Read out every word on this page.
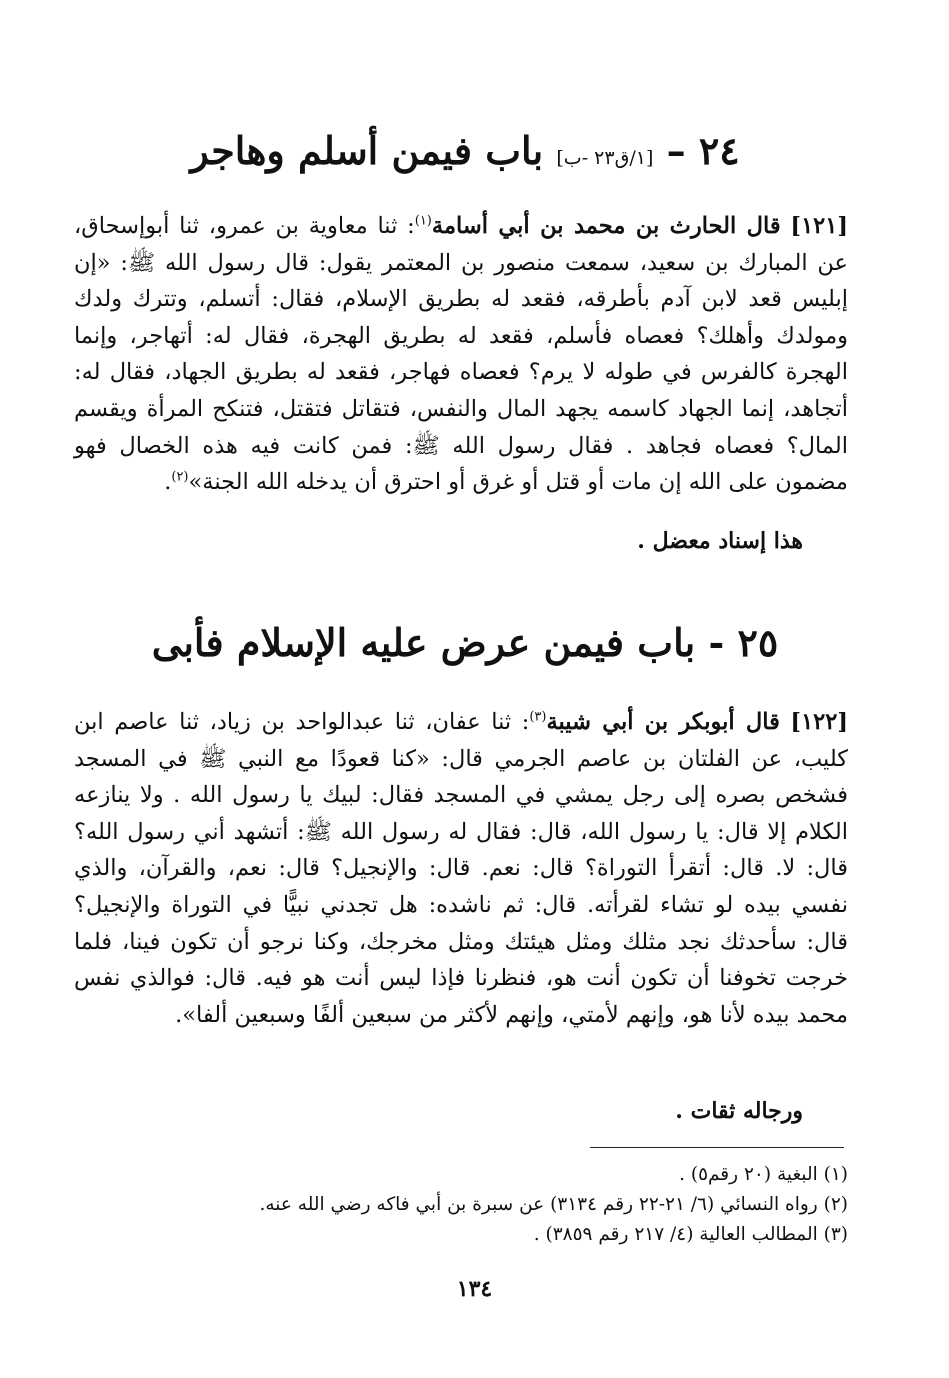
٢٤ – [١/ق٢٣ -ب] باب فيمن أسلم وهاجر
[١٢١] قال الحارث بن محمد بن أبي أسامة$^{(١)}$: ثنا معاوية بن عمرو، ثنا أبوإسحاق، عن المبارك بن سعيد، سمعت منصور بن المعتمر يقول: قال رسول الله ﷺ: «إن إبليس قعد لابن آدم بأطرقه، فقعد له بطريق الإسلام، فقال: أتسلم، وتترك ولدك ومولدك وأهلك؟ فعصاه فأسلم، فقعد له بطريق الهجرة، فقال له: أتهاجر، وإنما الهجرة كالفرس في طوله لا يرم؟ فعصاه فهاجر، فقعد له بطريق الجهاد، فقال له: أتجاهد، إنما الجهاد كاسمه يجهد المال والنفس، فتقاتل فتقتل، فتنكح المرأة ويقسم المال؟ فعصاه فجاهد . فقال رسول الله ﷺ: فمن كانت فيه هذه الخصال فهو مضمون على الله إن مات أو قتل أو غرق أو احترق أن يدخله الله الجنة»$^{(٢)}$.
هذا إسناد معضل .
٢٥ - باب فيمن عرض عليه الإسلام فأبى
[١٢٢] قال أبوبكر بن أبي شيبة$^{(٣)}$: ثنا عفان، ثنا عبدالواحد بن زياد، ثنا عاصم ابن كليب، عن الفلتان بن عاصم الجرمي قال: «كنا قعودًا مع النبي ﷺ في المسجد فشخص بصره إلى رجل يمشي في المسجد فقال: لبيك يا رسول الله . ولا ينازعه الكلام إلا قال: يا رسول الله، قال: فقال له رسول الله ﷺ: أتشهد أني رسول الله؟ قال: لا. قال: أتقرأ التوراة؟ قال: نعم. قال: والإنجيل؟ قال: نعم، والقرآن، والذي نفسي بيده لو تشاء لقرأته. قال: ثم ناشده: هل تجدني نبيًّا في التوراة والإنجيل؟ قال: سأحدثك نجد مثلك ومثل هيئتك ومثل مخرجك، وكنا نرجو أن تكون فينا، فلما خرجت تخوفنا أن تكون أنت هو، فنظرنا فإذا ليس أنت هو فيه. قال: فوالذي نفس محمد بيده لأنا هو، وإنهم لأمتي، وإنهم لأكثر من سبعين ألفًا وسبعين ألفا».
ورجاله ثقات .
(١) البغية (٢٠ رقم٥) .
(٢) رواه النسائي (٦/ ٢١-٢٢ رقم ٣١٣٤) عن سبرة بن أبي فاكه رضي الله عنه.
(٣) المطالب العالية (٤/ ٢١٧ رقم ٣٨٥٩) .
١٣٤
